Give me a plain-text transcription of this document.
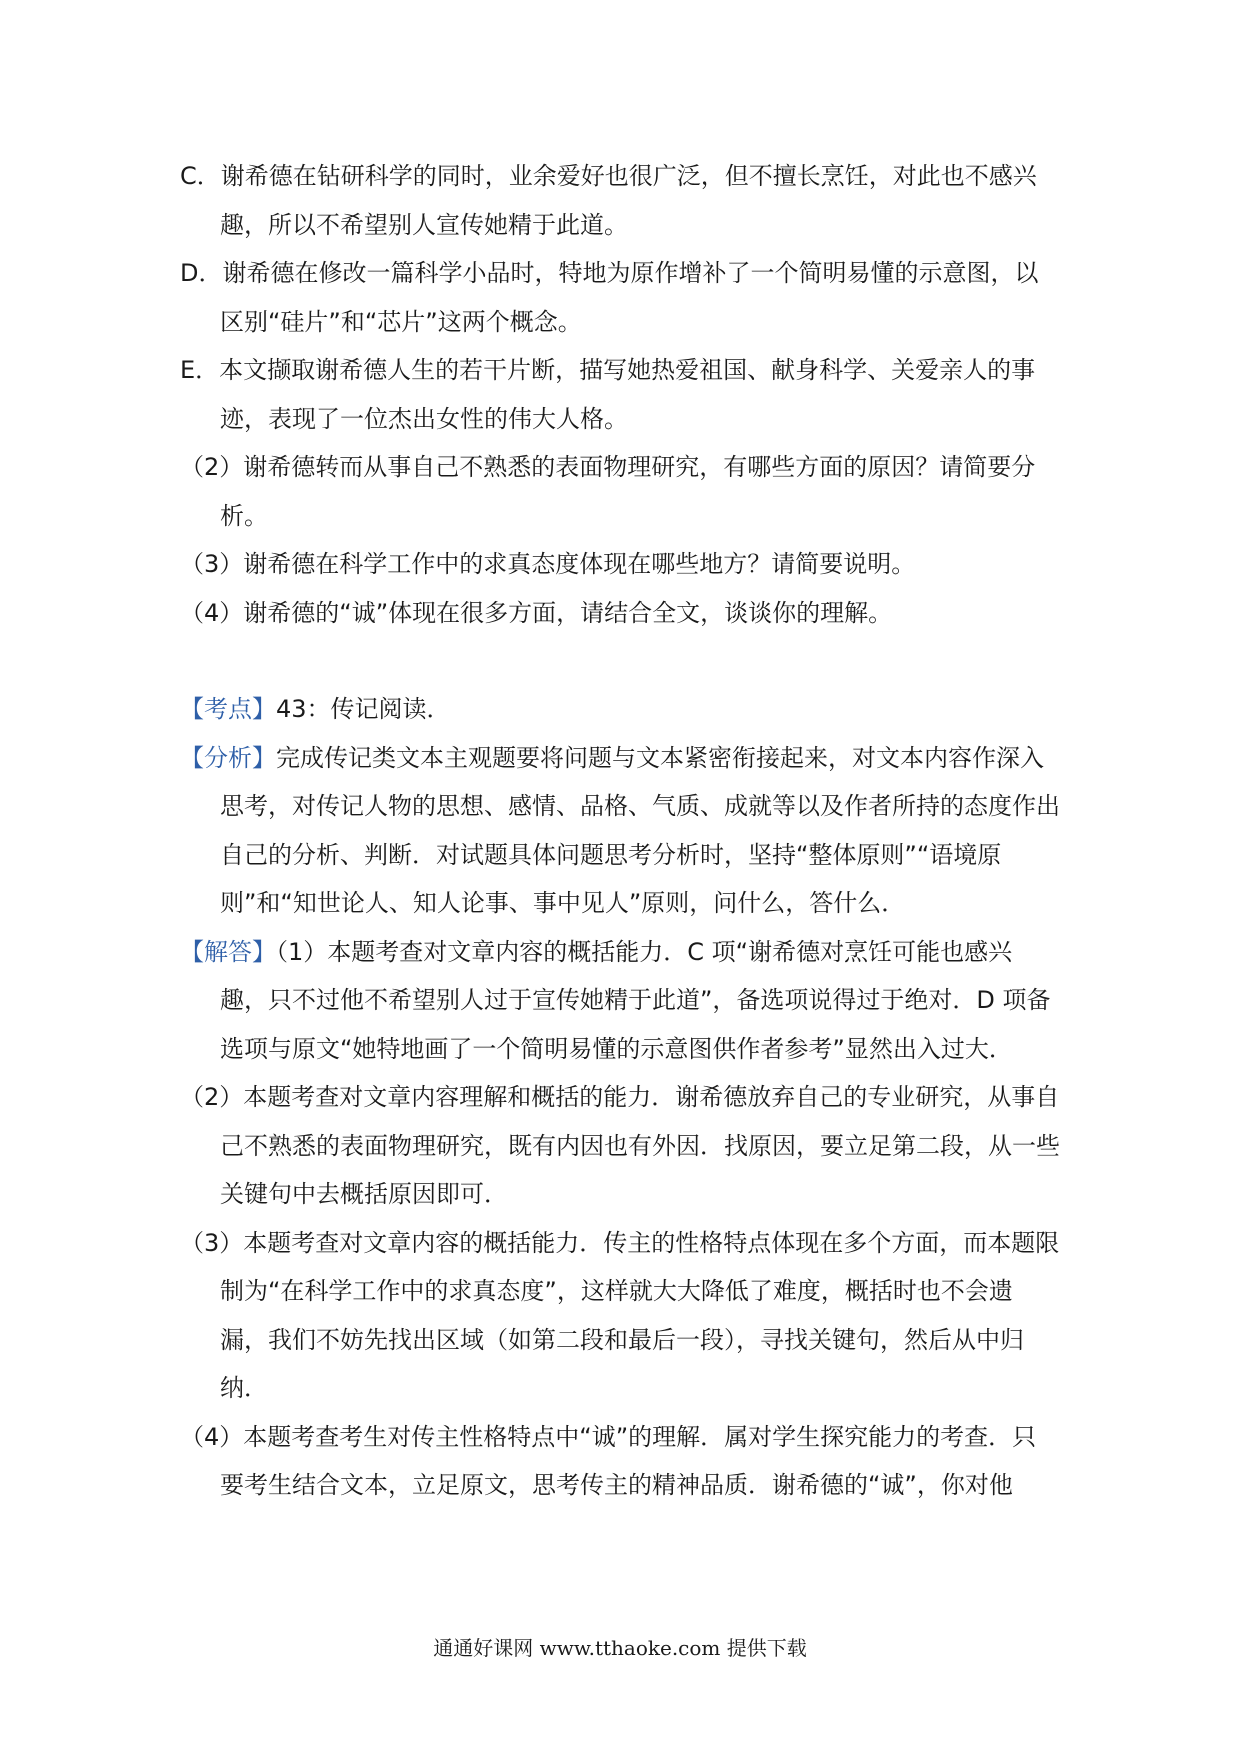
C．谢希德在钻研科学的同时，业余爱好也很广泛，但不擅长烹饪，对此也不感兴趣，所以不希望别人宣传她精于此道。

D．谢希德在修改一篇科学小品时，特地为原作增补了一个简明易懂的示意图，以区别“硅片”和“芯片”这两个概念。

E．本文撷取谢希德人生的若干片断，描写她热爱祖国、献身科学、关爱亲人的事迹，表现了一位杰出女性的伟大人格。

（2）谢希德转而从事自己不熟悉的表面物理研究，有哪些方面的原因？请简要分析。

（3）谢希德在科学工作中的求真态度体现在哪些地方？请简要说明。

（4）谢希德的“诚”体现在很多方面，请结合全文，谈谈你的理解。

【考点】43：传记阅读．

【分析】完成传记类文本主观题要将问题与文本紧密衔接起来，对文本内容作深入思考，对传记人物的思想、感情、品格、气质、成就等以及作者所持的态度作出自己的分析、判断．对试题具体问题思考分析时，坚持“整体原则”“语境原则”和“知世论人、知人论事、事中见人”原则，问什么，答什么．

【解答】（1）本题考查对文章内容的概括能力．C 项“谢希德对烹饪可能也感兴趣，只不过他不希望别人过于宣传她精于此道”，备选项说得过于绝对．D 项备选项与原文“她特地画了一个简明易懂的示意图供作者参考”显然出入过大．

（2）本题考查对文章内容理解和概括的能力．谢希德放弃自己的专业研究，从事自己不熟悉的表面物理研究，既有内因也有外因．找原因，要立足第二段，从一些关键句中去概括原因即可．

（3）本题考查对文章内容的概括能力．传主的性格特点体现在多个方面，而本题限制为“在科学工作中的求真态度”，这样就大大降低了难度，概括时也不会遗漏，我们不妨先找出区域（如第二段和最后一段），寻找关键句，然后从中归纳．

（4）本题考查考生对传主性格特点中“诚”的理解．属对学生探究能力的考查．只要考生结合文本，立足原文，思考传主的精神品质．谢希德的“诚”，你对他

通通好课网 www.tthaoke.com 提供下载
